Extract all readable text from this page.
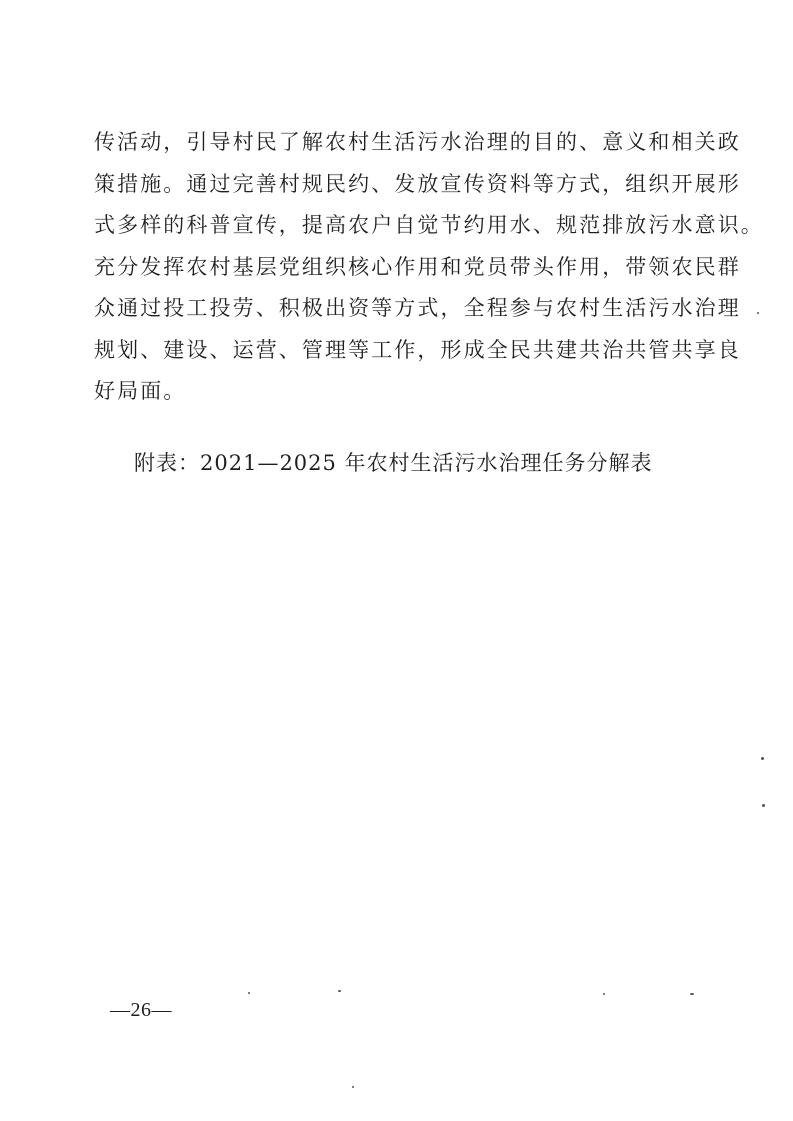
传活动，引导村民了解农村生活污水治理的目的、意义和相关政
策措施。通过完善村规民约、发放宣传资料等方式，组织开展形
式多样的科普宣传，提高农户自觉节约用水、规范排放污水意识。
充分发挥农村基层党组织核心作用和党员带头作用，带领农民群
众通过投工投劳、积极出资等方式，全程参与农村生活污水治理
规划、建设、运营、管理等工作，形成全民共建共治共管共享良
好局面。

附表：2021—2025 年农村生活污水治理任务分解表

—26—
